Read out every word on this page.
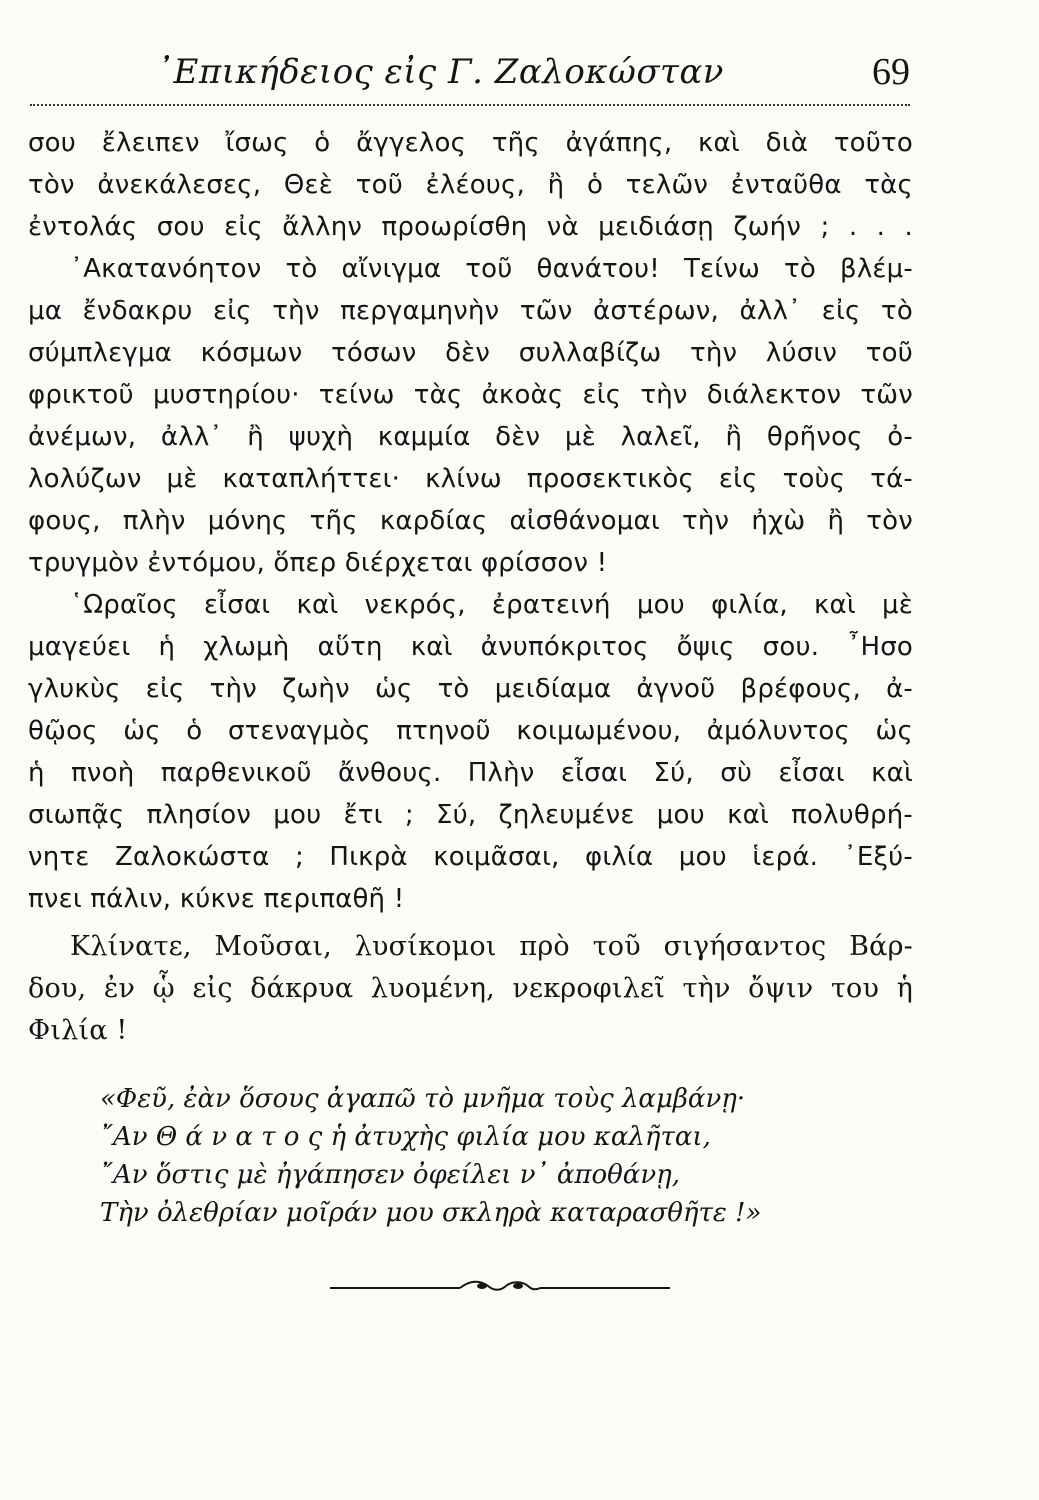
᾿Επικήδειος εἰς Γ. Ζαλοκώσταν	69
σου ἔλειπεν ἴσως ὁ ἄγγελος τῆς ἀγάπης, καὶ διὰ τοῦτο
τὸν ἀνεκάλεσες, Θεὲ τοῦ ἐλέους, ἢ ὁ τελῶν ἐνταῦθα τὰς
ἐντολάς σου εἰς ἄλλην προωρίσθη νὰ μειδιάσῃ ζωήν ; . . .
᾿Ακατανόητον τὸ αἴνιγμα τοῦ θανάτου! Τείνω τὸ βλέμ-
μα ἔνδακρυ εἰς τὴν περγαμηνὴν τῶν ἀστέρων, ἀλλ᾿ εἰς τὸ
σύμπλεγμα κόσμων τόσων δὲν συλλαβίζω τὴν λύσιν τοῦ
φρικτοῦ μυστηρίου· τείνω τὰς ἀκοὰς εἰς τὴν διάλεκτον τῶν
ἀνέμων, ἀλλ᾿ ἢ ψυχὴ καμμία δὲν μὲ λαλεῖ, ἢ θρῆνος ὀ-
λολύζων μὲ καταπλήττει· κλίνω προσεκτικὸς εἰς τοὺς τά-
φους, πλὴν μόνης τῆς καρδίας αἰσθάνομαι τὴν ἠχὼ ἢ τὸν
τρυγμὸν ἐντόμου, ὅπερ διέρχεται φρίσσον !
῾Ωραῖος εἶσαι καὶ νεκρός, ἐρατεινή μου φιλία, καὶ μὲ
μαγεύει ἡ χλωμὴ αὕτη καὶ ἀνυπόκριτος ὄψις σου. ῏Ησο
γλυκὺς εἰς τὴν ζωὴν ὡς τὸ μειδίαμα ἀγνοῦ βρέφους, ἀ-
θῷος ὡς ὁ στεναγμὸς πτηνοῦ κοιμωμένου, ἀμόλυντος ὡς
ἡ πνοὴ παρθενικοῦ ἄνθους. Πλὴν εἶσαι Σύ, σὺ εἶσαι καὶ
σιωπᾷς πλησίον μου ἔτι ; Σύ, ζηλευμένε μου καὶ πολυθρή-
νητε Ζαλοκώστα ; Πικρὰ κοιμᾶσαι, φιλία μου ἱερά. ᾿Εξύ-
πνει πάλιν, κύκνε περιπαθῆ !
Κλίνατε, Μοῦσαι, λυσίκομοι πρὸ τοῦ σιγήσαντος Βάρ-
δου, ἐν ᾧ εἰς δάκρυα λυομένη, νεκροφιλεῖ τὴν ὄψιν του ἡ
Φιλία !
«Φεῦ, ἐὰν ὅσους ἀγαπῶ τὸ μνῆμα τοὺς λαμβάνῃ·
῎Αν Θ ά ν α τ ο ς ἡ ἀτυχὴς φιλία μου καλῆται,
῎Αν ὅστις μὲ ἠγάπησεν ὀφείλει ν᾿ ἀποθάνῃ,
Τὴν ὀλεθρίαν μοῖράν μου σκληρὰ καταρασθῆτε !»
